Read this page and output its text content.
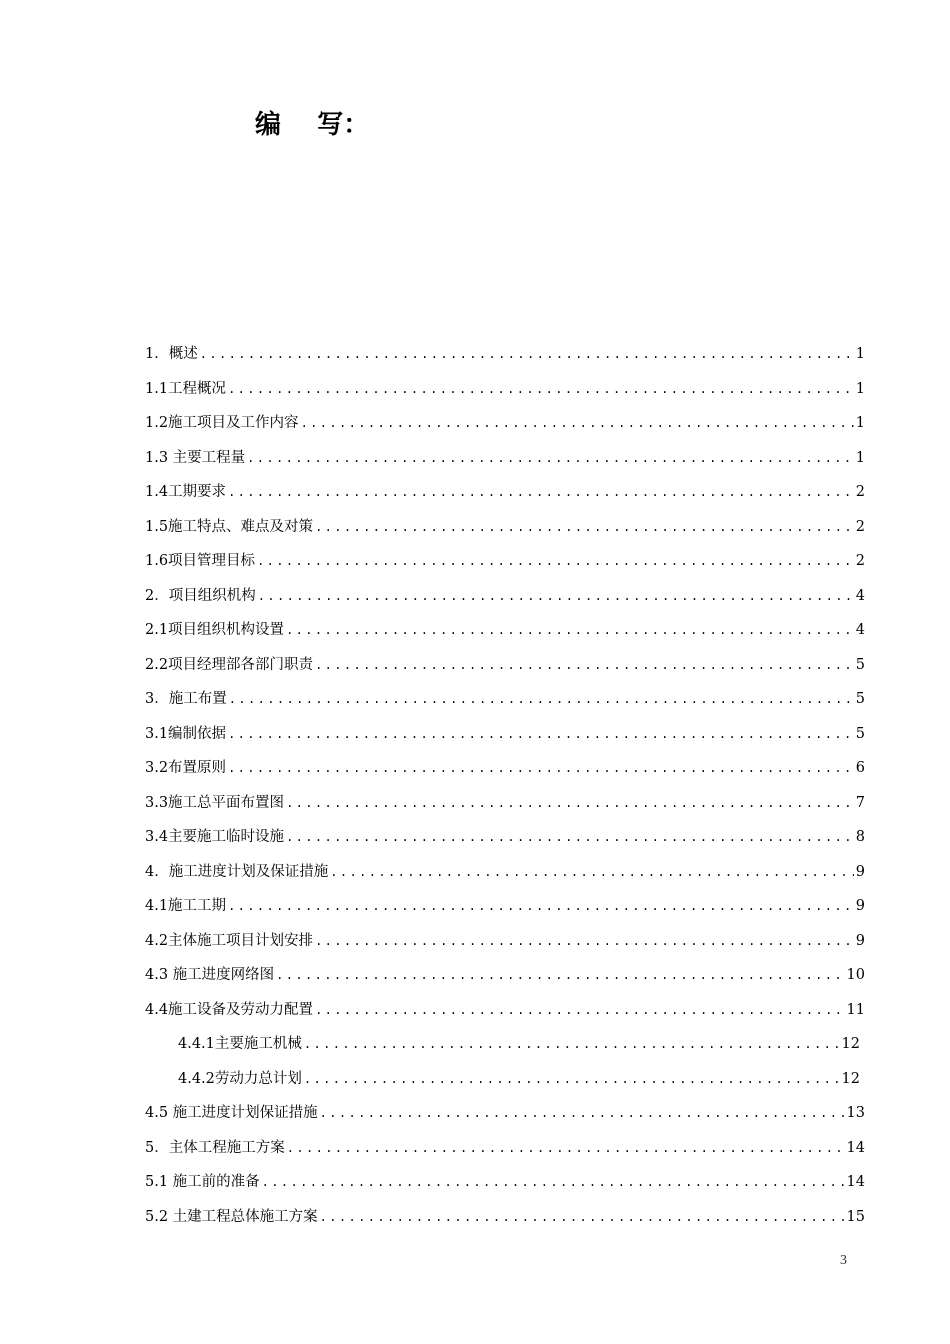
编    写：
1．概述 .....	1
1.1工程概况 .....	1
1.2施工项目及工作内容 .....	1
1.3 主要工程量 .....	1
1.4工期要求 .....	2
1.5施工特点、难点及对策 .....	2
1.6项目管理目标 .....	2
2．项目组织机构 .....	4
2.1项目组织机构设置 .....	4
2.2项目经理部各部门职责 .....	5
3．施工布置 .....	5
3.1编制依据 .....	5
3.2布置原则 .....	6
3.3施工总平面布置图 .....	7
3.4主要施工临时设施 .....	8
4．施工进度计划及保证措施 .....	9
4.1施工工期 .....	9
4.2主体施工项目计划安排 .....	9
4.3 施工进度网络图 .....	10
4.4施工设备及劳动力配置 .....	11
4.4.1主要施工机械 .....	12
4.4.2劳动力总计划 .....	12
4.5 施工进度计划保证措施 .....	13
5．主体工程施工方案 .....	14
5.1 施工前的准备 .....	14
5.2 土建工程总体施工方案 .....	15
3
